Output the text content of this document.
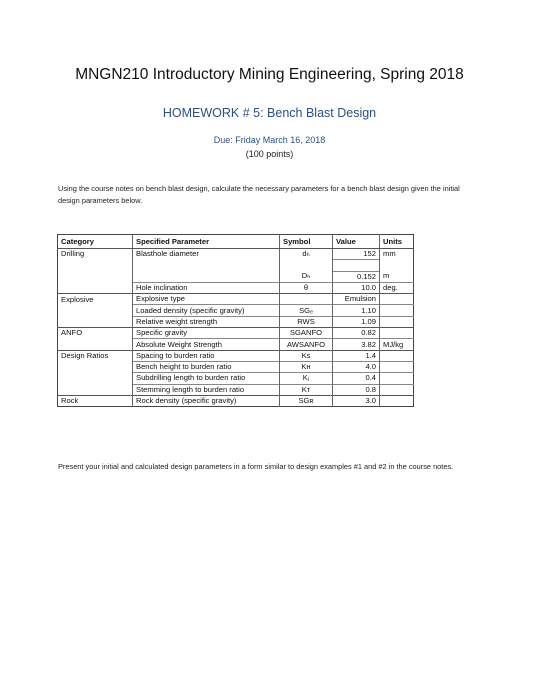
MNGN210 Introductory Mining Engineering, Spring 2018
HOMEWORK # 5: Bench Blast Design
Due: Friday March 16, 2018
(100 points)
Using the course notes on bench blast design, calculate the necessary parameters for a bench blast design given the initial design parameters below.
Category	Specified Parameter	Symbol	Value	Units
Drilling	Blasthole diameter	dₕ	152	mm

		Dₕ	0.152	m
	Hole inclination	θ	10.0	deg.
Explosive	Explosive type		Emulsion	
	Loaded density (specific gravity)	SGₑ	1.10	
	Relative weight strength	RWS	1.09	
ANFO	Specific gravity	SGANFO	0.82	
	Absolute Weight Strength	AWSANFO	3.82	MJ/kg
Design Ratios	Spacing to burden ratio	Ks	1.4	
	Bench height to burden ratio	Kн	4.0	
	Subdrilling length to burden ratio	Kⱼ	0.4	
	Stemming length to burden ratio	Kт	0.8	
Rock	Rock density (specific gravity)	SGʀ	3.0	
Present your initial and calculated design parameters in a form similar to design examples #1 and #2 in the course notes.
